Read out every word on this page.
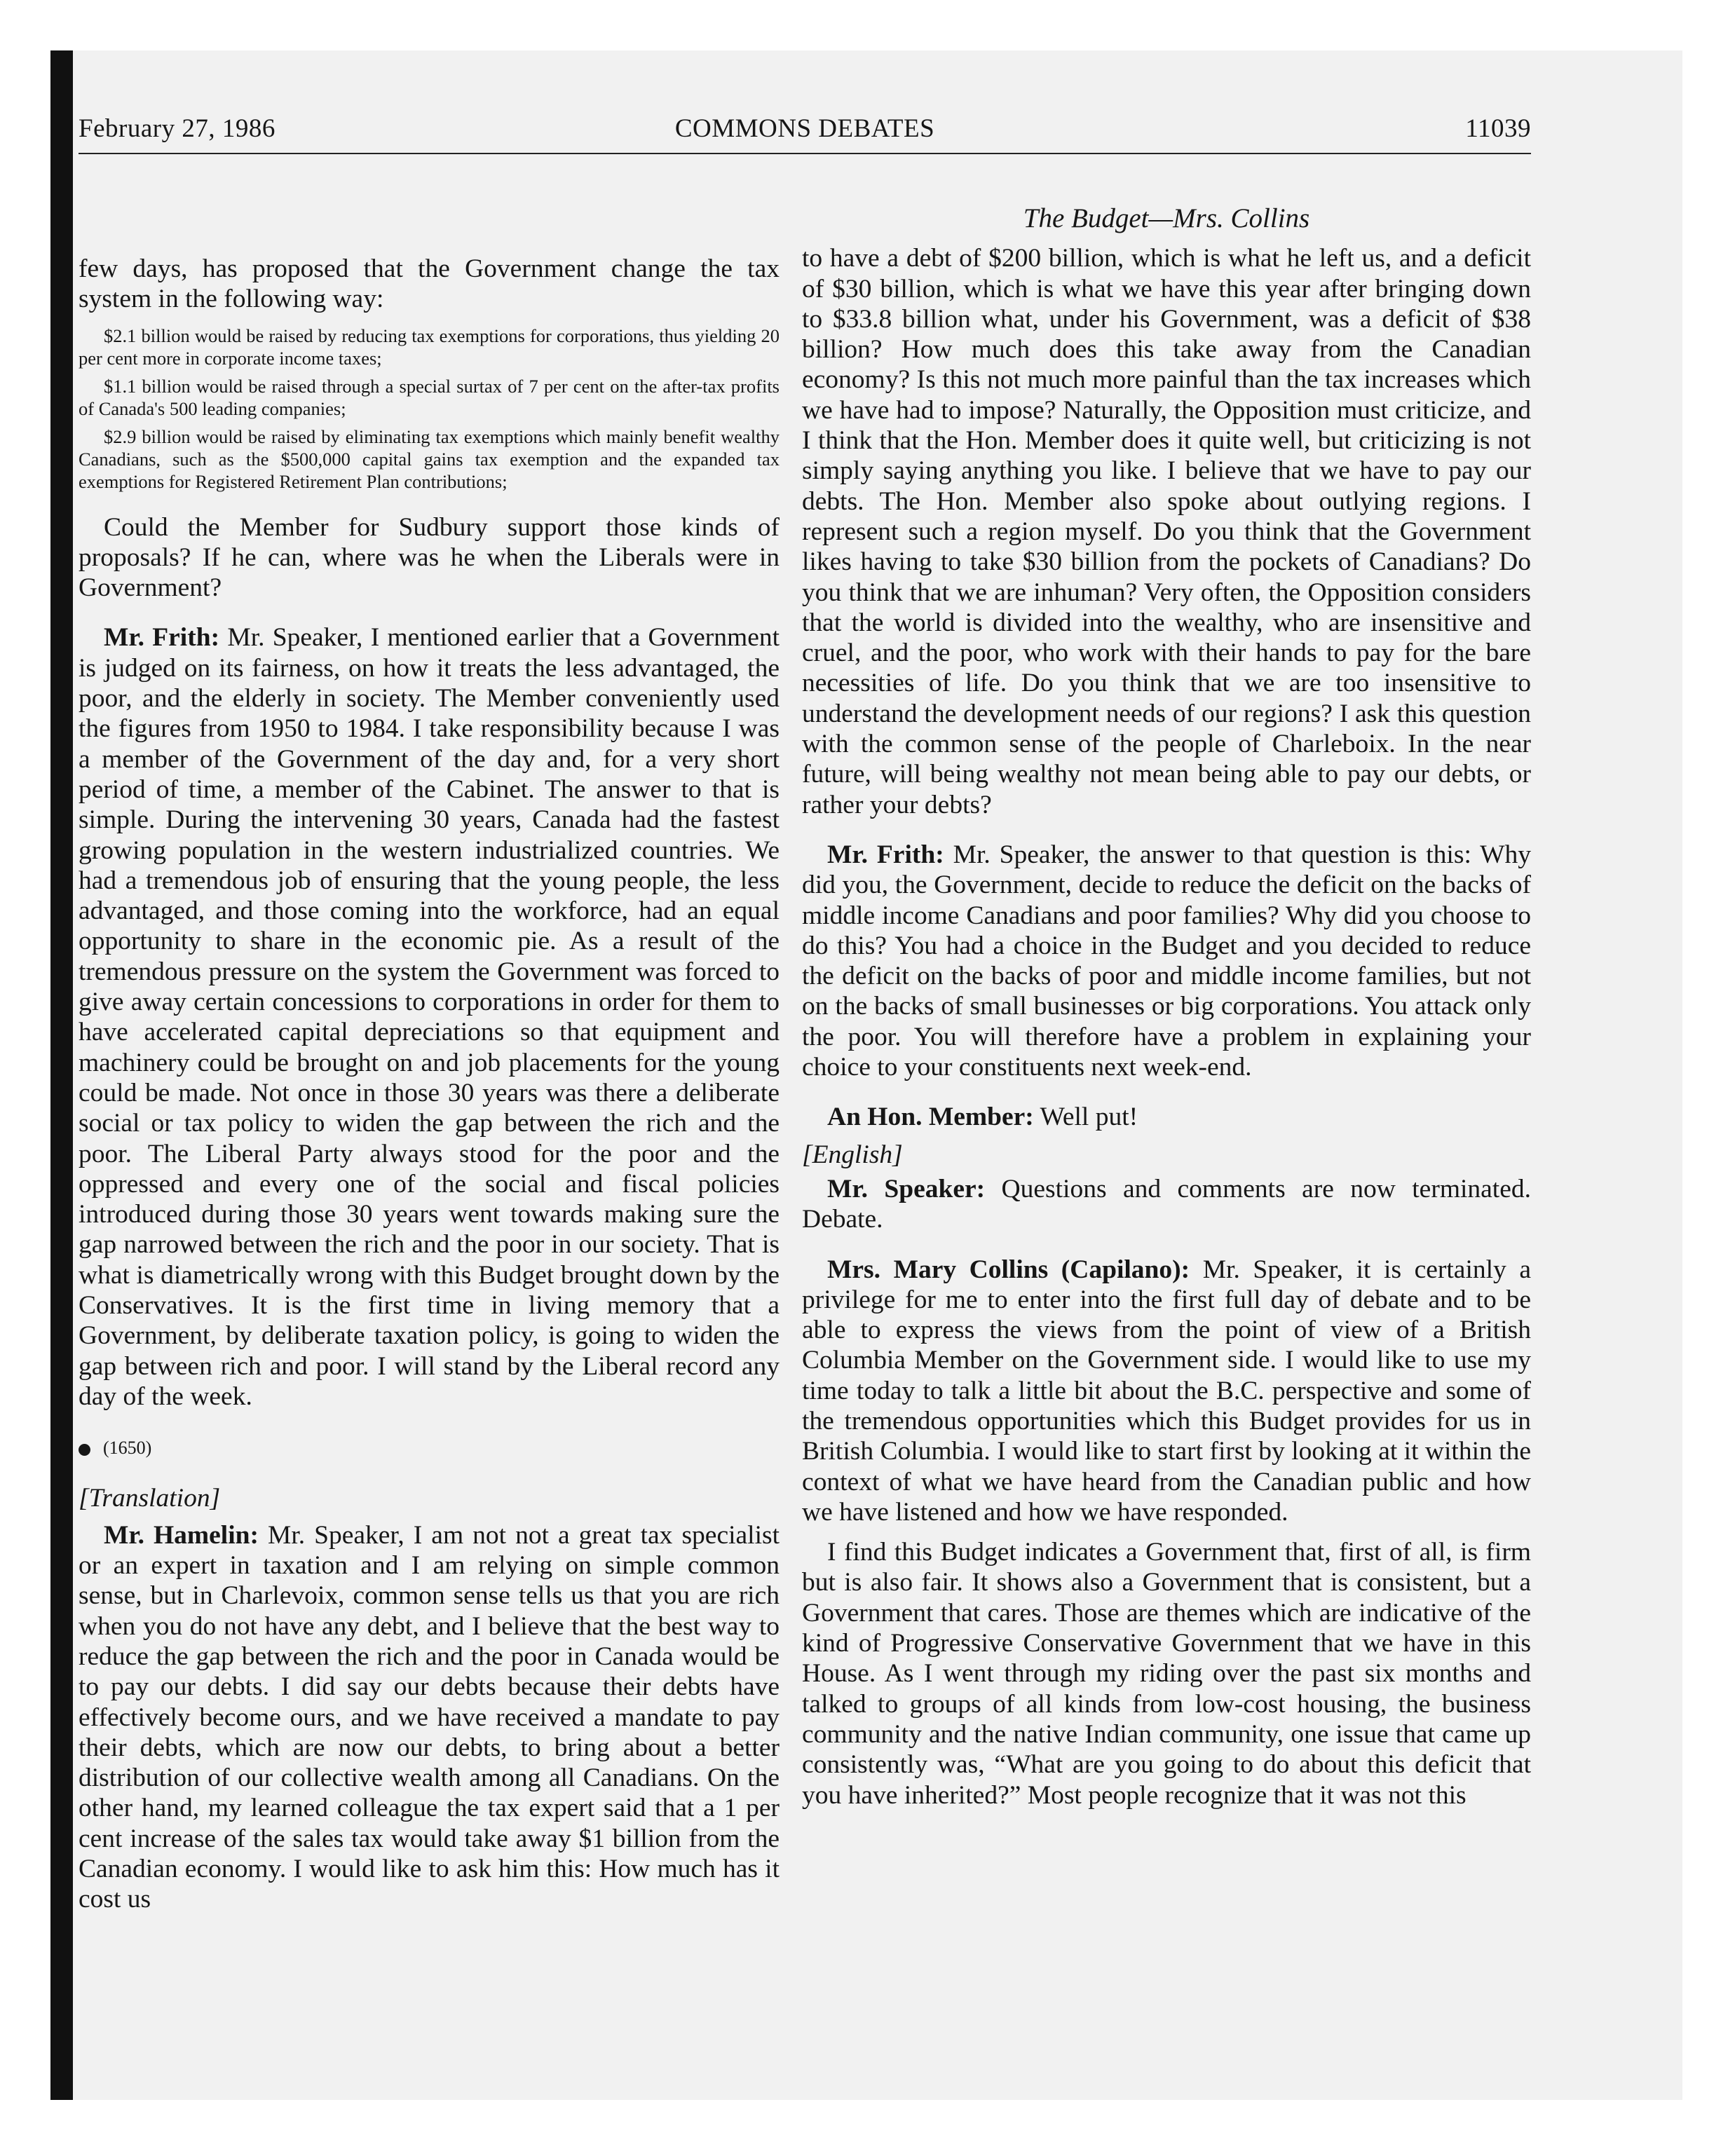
February 27, 1986	COMMONS DEBATES	11039

few days, has proposed that the Government change the tax system in the following way:

$2.1 billion would be raised by reducing tax exemptions for corporations, thus yielding 20 per cent more in corporate income taxes;
$1.1 billion would be raised through a special surtax of 7 per cent on the after-tax profits of Canada's 500 leading companies;
$2.9 billion would be raised by eliminating tax exemptions which mainly benefit wealthy Canadians, such as the $500,000 capital gains tax exemption and the expanded tax exemptions for Registered Retirement Plan contributions;

Could the Member for Sudbury support those kinds of proposals? If he can, where was he when the Liberals were in Government?

Mr. Frith: Mr. Speaker, I mentioned earlier that a Government is judged on its fairness, on how it treats the less advantaged, the poor, and the elderly in society. The Member conveniently used the figures from 1950 to 1984. I take responsibility because I was a member of the Government of the day and, for a very short period of time, a member of the Cabinet. The answer to that is simple. During the intervening 30 years, Canada had the fastest growing population in the western industrialized countries. We had a tremendous job of ensuring that the young people, the less advantaged, and those coming into the workforce, had an equal opportunity to share in the economic pie. As a result of the tremendous pressure on the system the Government was forced to give away certain concessions to corporations in order for them to have accelerated capital depreciations so that equipment and machinery could be brought on and job placements for the young could be made. Not once in those 30 years was there a deliberate social or tax policy to widen the gap between the rich and the poor. The Liberal Party always stood for the poor and the oppressed and every one of the social and fiscal policies introduced during those 30 years went towards making sure the gap narrowed between the rich and the poor in our society. That is what is diametrically wrong with this Budget brought down by the Conservatives. It is the first time in living memory that a Government, by deliberate taxation policy, is going to widen the gap between rich and poor. I will stand by the Liberal record any day of the week.

(1650)

[Translation]

Mr. Hamelin: Mr. Speaker, I am not not a great tax specialist or an expert in taxation and I am relying on simple common sense, but in Charlevoix, common sense tells us that you are rich when you do not have any debt, and I believe that the best way to reduce the gap between the rich and the poor in Canada would be to pay our debts. I did say our debts because their debts have effectively become ours, and we have received a mandate to pay their debts, which are now our debts, to bring about a better distribution of our collective wealth among all Canadians. On the other hand, my learned colleague the tax expert said that a 1 per cent increase of the sales tax would take away $1 billion from the Canadian economy. I would like to ask him this: How much has it cost us

The Budget—Mrs. Collins

to have a debt of $200 billion, which is what he left us, and a deficit of $30 billion, which is what we have this year after bringing down to $33.8 billion what, under his Government, was a deficit of $38 billion? How much does this take away from the Canadian economy? Is this not much more painful than the tax increases which we have had to impose? Naturally, the Opposition must criticize, and I think that the Hon. Member does it quite well, but criticizing is not simply saying anything you like. I believe that we have to pay our debts. The Hon. Member also spoke about outlying regions. I represent such a region myself. Do you think that the Government likes having to take $30 billion from the pockets of Canadians? Do you think that we are inhuman? Very often, the Opposition considers that the world is divided into the wealthy, who are insensitive and cruel, and the poor, who work with their hands to pay for the bare necessities of life. Do you think that we are too insensitive to understand the development needs of our regions? I ask this question with the common sense of the people of Charleboix. In the near future, will being wealthy not mean being able to pay our debts, or rather your debts?

Mr. Frith: Mr. Speaker, the answer to that question is this: Why did you, the Government, decide to reduce the deficit on the backs of middle income Canadians and poor families? Why did you choose to do this? You had a choice in the Budget and you decided to reduce the deficit on the backs of poor and middle income families, but not on the backs of small businesses or big corporations. You attack only the poor. You will therefore have a problem in explaining your choice to your constituents next week-end.

An Hon. Member: Well put!

[English]

Mr. Speaker: Questions and comments are now terminated. Debate.

Mrs. Mary Collins (Capilano): Mr. Speaker, it is certainly a privilege for me to enter into the first full day of debate and to be able to express the views from the point of view of a British Columbia Member on the Government side. I would like to use my time today to talk a little bit about the B.C. perspective and some of the tremendous opportunities which this Budget provides for us in British Columbia. I would like to start first by looking at it within the context of what we have heard from the Canadian public and how we have listened and how we have responded.

I find this Budget indicates a Government that, first of all, is firm but is also fair. It shows also a Government that is consistent, but a Government that cares. Those are themes which are indicative of the kind of Progressive Conservative Government that we have in this House. As I went through my riding over the past six months and talked to groups of all kinds from low-cost housing, the business community and the native Indian community, one issue that came up consistently was, “What are you going to do about this deficit that you have inherited?” Most people recognize that it was not this
